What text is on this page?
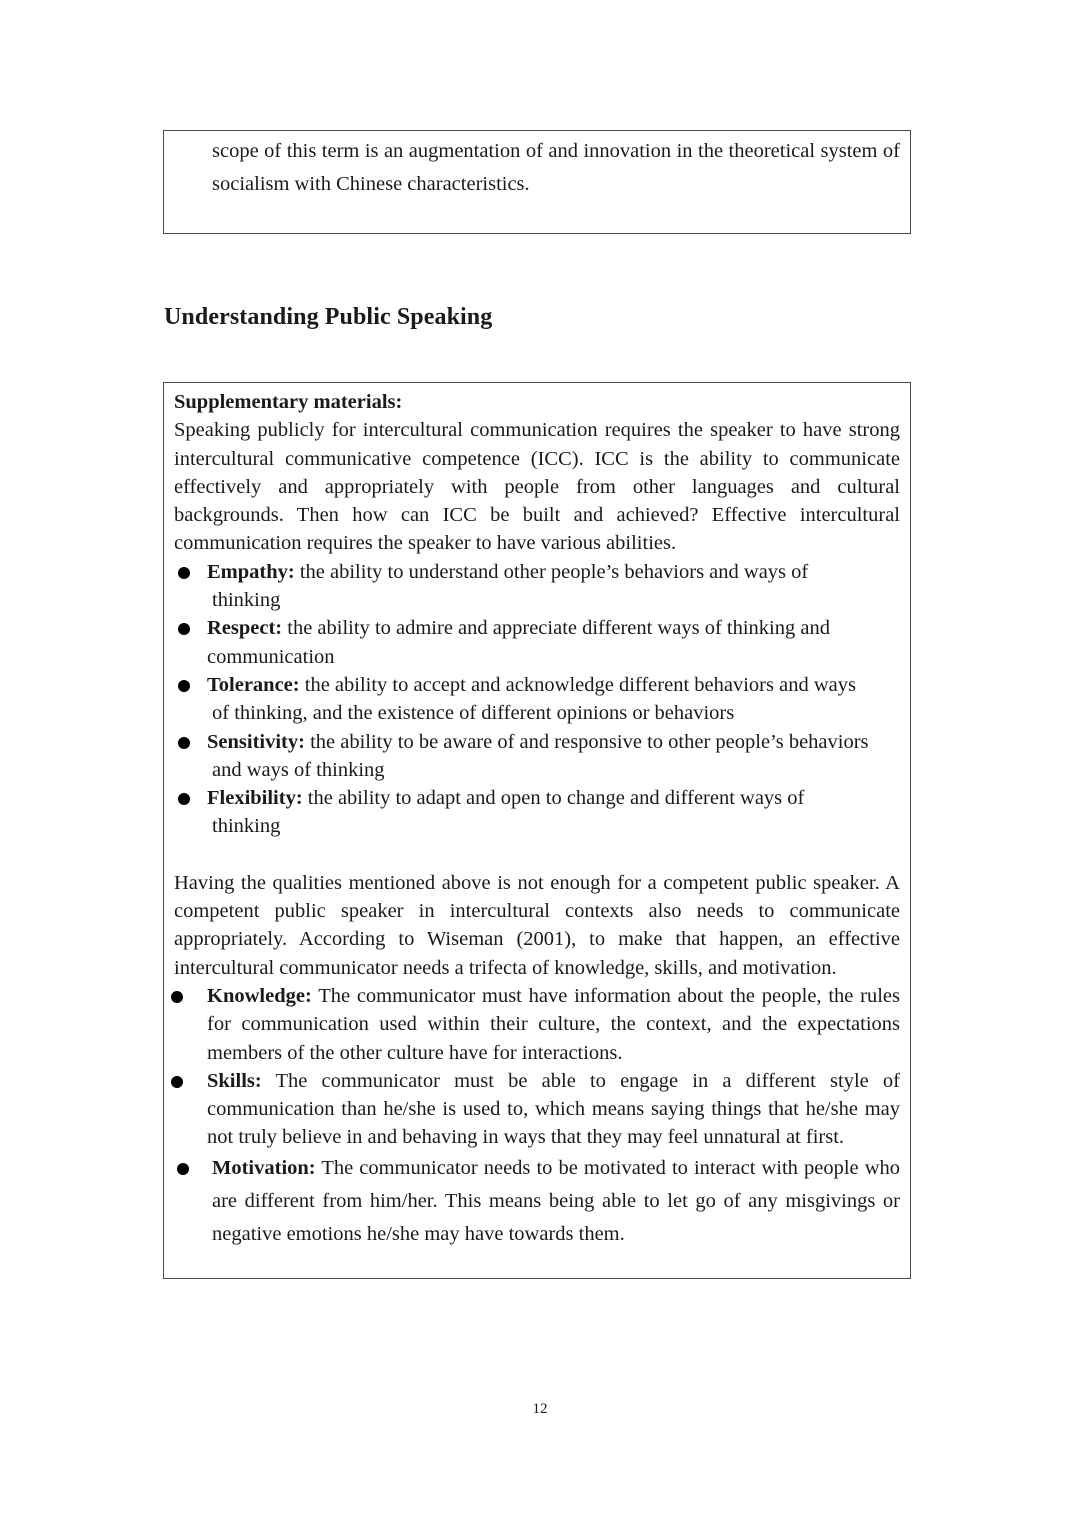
scope of this term is an augmentation of and innovation in the theoretical system of socialism with Chinese characteristics.
Understanding Public Speaking
Supplementary materials:
Speaking publicly for intercultural communication requires the speaker to have strong intercultural communicative competence (ICC). ICC is the ability to communicate effectively and appropriately with people from other languages and cultural backgrounds. Then how can ICC be built and achieved? Effective intercultural communication requires the speaker to have various abilities.
Empathy: the ability to understand other people’s behaviors and ways of
thinking
Respect: the ability to admire and appreciate different ways of thinking and
communication
Tolerance: the ability to accept and acknowledge different behaviors and ways
of thinking, and the existence of different opinions or behaviors
Sensitivity: the ability to be aware of and responsive to other people’s behaviors
and ways of thinking
Flexibility: the ability to adapt and open to change and different ways of
thinking
Having the qualities mentioned above is not enough for a competent public speaker. A competent public speaker in intercultural contexts also needs to communicate appropriately. According to Wiseman (2001), to make that happen, an effective intercultural communicator needs a trifecta of knowledge, skills, and motivation.
Knowledge: The communicator must have information about the people, the rules for communication used within their culture, the context, and the expectations members of the other culture have for interactions.
Skills: The communicator must be able to engage in a different style of communication than he/she is used to, which means saying things that he/she may not truly believe in and behaving in ways that they may feel unnatural at first.
Motivation: The communicator needs to be motivated to interact with people who are different from him/her. This means being able to let go of any misgivings or negative emotions he/she may have towards them.
12
